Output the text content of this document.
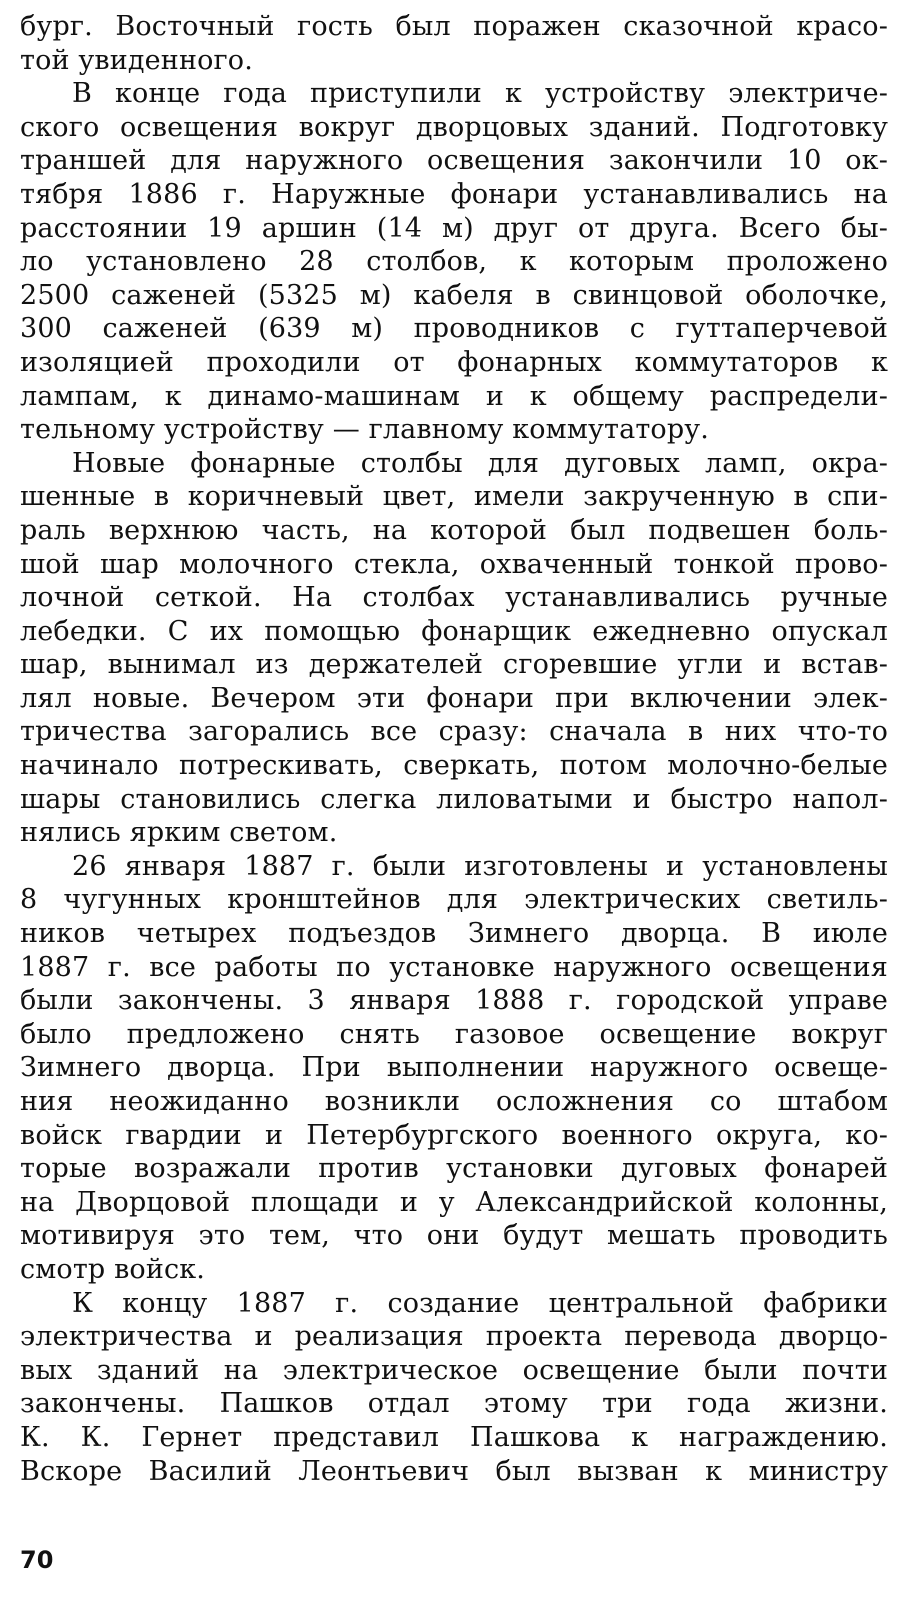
бург. Восточный гость был поражен сказочной красо-
той увиденного.
В конце года приступили к устройству электриче-
ского освещения вокруг дворцовых зданий. Подготовку
траншей для наружного освещения закончили 10 ок-
тября 1886 г. Наружные фонари устанавливались на
расстоянии 19 аршин (14 м) друг от друга. Всего бы-
ло установлено 28 столбов, к которым проложено
2500 саженей (5325 м) кабеля в свинцовой оболочке,
300 саженей (639 м) проводников с гуттаперчевой
изоляцией проходили от фонарных коммутаторов к
лампам, к динамо-машинам и к общему распредели-
тельному устройству — главному коммутатору.
Новые фонарные столбы для дуговых ламп, окра-
шенные в коричневый цвет, имели закрученную в спи-
раль верхнюю часть, на которой был подвешен боль-
шой шар молочного стекла, охваченный тонкой прово-
лочной сеткой. На столбах устанавливались ручные
лебедки. С их помощью фонарщик ежедневно опускал
шар, вынимал из держателей сгоревшие угли и встав-
лял новые. Вечером эти фонари при включении элек-
тричества загорались все сразу: сначала в них что-то
начинало потрескивать, сверкать, потом молочно-белые
шары становились слегка лиловатыми и быстро напол-
нялись ярким светом.
26 января 1887 г. были изготовлены и установлены
8 чугунных кронштейнов для электрических светиль-
ников четырех подъездов Зимнего дворца. В июле
1887 г. все работы по установке наружного освещения
были закончены. 3 января 1888 г. городской управе
было предложено снять газовое освещение вокруг
Зимнего дворца. При выполнении наружного освеще-
ния неожиданно возникли осложнения со штабом
войск гвардии и Петербургского военного округа, ко-
торые возражали против установки дуговых фонарей
на Дворцовой площади и у Александрийской колонны,
мотивируя это тем, что они будут мешать проводить
смотр войск.
К концу 1887 г. создание центральной фабрики
электричества и реализация проекта перевода дворцо-
вых зданий на электрическое освещение были почти
закончены. Пашков отдал этому три года жизни.
К. К. Гернет представил Пашкова к награждению.
Вскоре Василий Леонтьевич был вызван к министру
70
